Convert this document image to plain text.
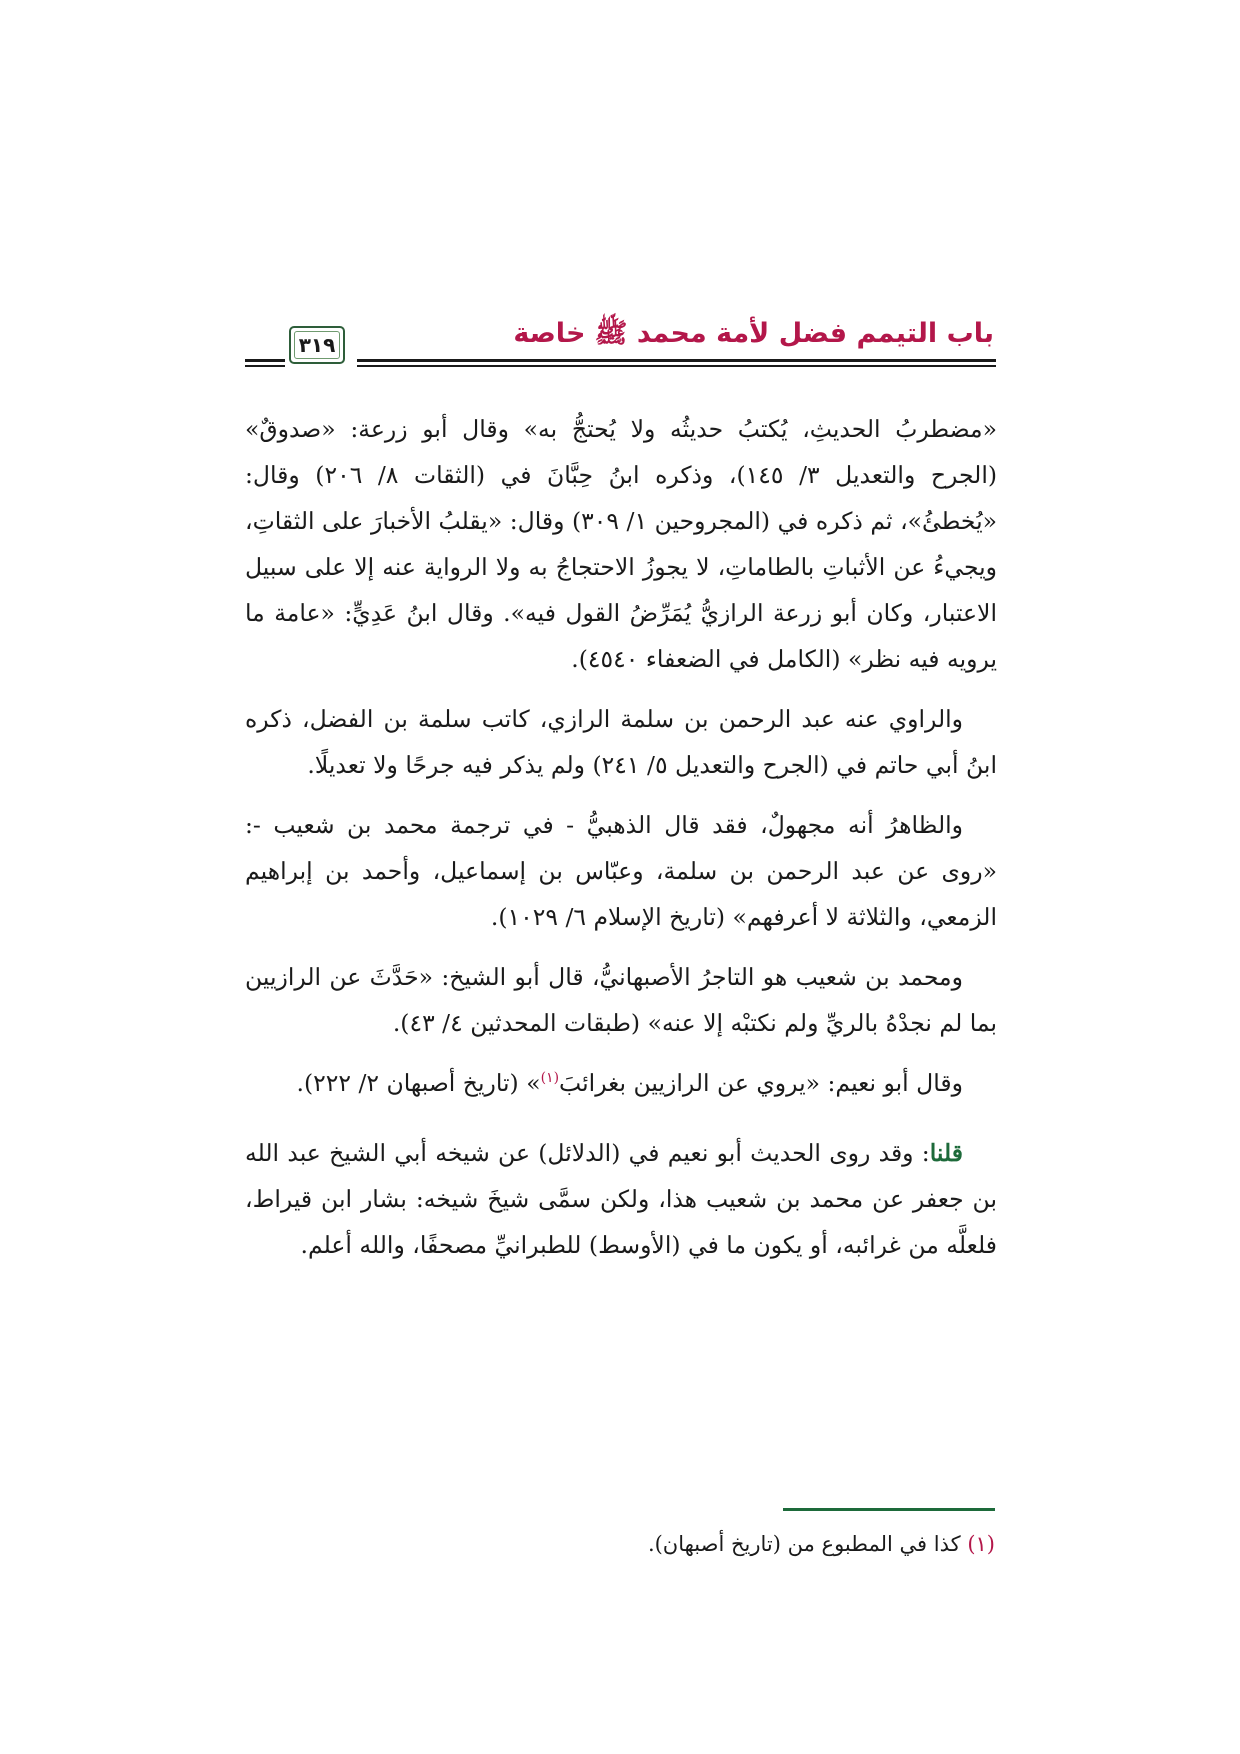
باب التيمم فضل لأمة محمد ﷺ خاصة
٣١٩

«مضطربُ الحديثِ، يُكتبُ حديثُه ولا يُحتجُّ به» وقال أبو زرعة: «صدوقٌ» (الجرح والتعديل ٣/ ١٤٥)، وذكره ابنُ حِبَّانَ في (الثقات ٨/ ٢٠٦) وقال: «يُخطئُ»، ثم ذكره في (المجروحين ١/ ٣٠٩) وقال: «يقلبُ الأخبارَ على الثقاتِ، ويجيءُ عن الأثباتِ بالطاماتِ، لا يجوزُ الاحتجاجُ به ولا الرواية عنه إلا على سبيل الاعتبار، وكان أبو زرعة الرازيُّ يُمَرِّضُ القول فيه». وقال ابنُ عَدِيٍّ: «عامة ما يرويه فيه نظر» (الكامل في الضعفاء ٤٥٤٠).

والراوي عنه عبد الرحمن بن سلمة الرازي، كاتب سلمة بن الفضل، ذكره ابنُ أبي حاتم في (الجرح والتعديل ٥/ ٢٤١) ولم يذكر فيه جرحًا ولا تعديلًا.

والظاهرُ أنه مجهولٌ، فقد قال الذهبيُّ - في ترجمة محمد بن شعيب -: «روى عن عبد الرحمن بن سلمة، وعبّاس بن إسماعيل، وأحمد بن إبراهيم الزمعي، والثلاثة لا أعرفهم» (تاريخ الإسلام ٦/ ١٠٢٩).

ومحمد بن شعيب هو التاجرُ الأصبهانيُّ، قال أبو الشيخ: «حَدَّثَ عن الرازيين بما لم نجدْهُ بالريِّ ولم نكتبْه إلا عنه» (طبقات المحدثين ٤/ ٤٣).

وقال أبو نعيم: «يروي عن الرازيين بغرائبَ$^{(١)}$» (تاريخ أصبهان ٢/ ٢٢٢).

قلنا: وقد روى الحديث أبو نعيم في (الدلائل) عن شيخه أبي الشيخ عبد الله بن جعفر عن محمد بن شعيب هذا، ولكن سمَّى شيخَ شيخه: بشار ابن قيراط، فلعلَّه من غرائبه، أو يكون ما في (الأوسط) للطبرانيِّ مصحفًا، والله أعلم.

(١) كذا في المطبوع من (تاريخ أصبهان).
